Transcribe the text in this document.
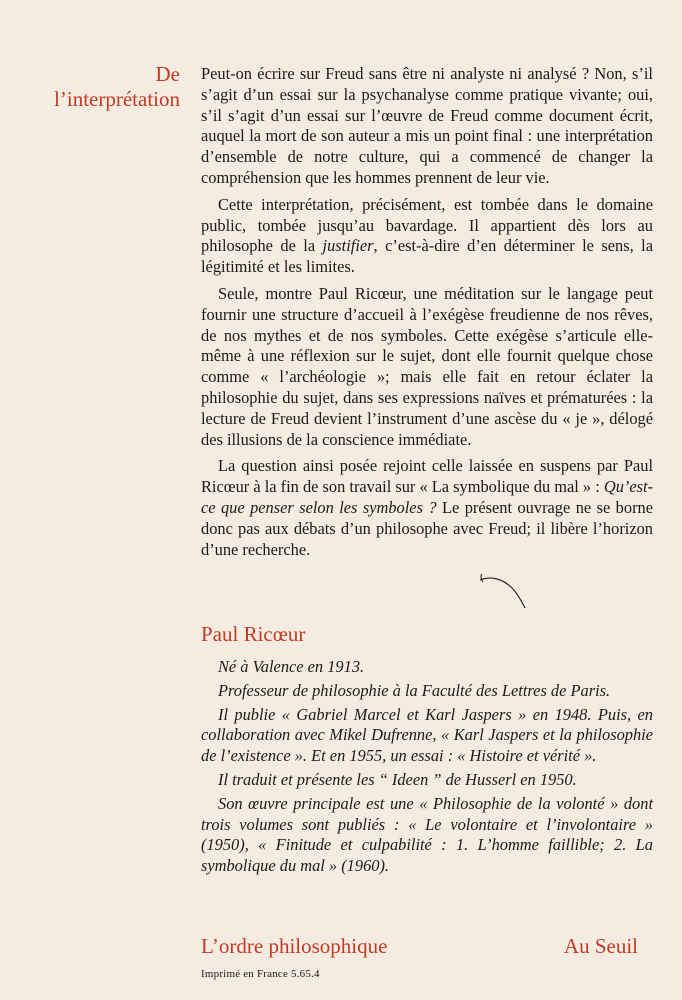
De
l’interprétation

Peut-on écrire sur Freud sans être ni analyste ni analysé ? Non, s’il s’agit d’un essai sur la psychanalyse comme pratique vivante; oui, s’il s’agit d’un essai sur l’œuvre de Freud comme document écrit, auquel la mort de son auteur a mis un point final : une interprétation d’ensemble de notre culture, qui a commencé de changer la compréhension que les hommes prennent de leur vie.

Cette interprétation, précisément, est tombée dans le domaine public, tombée jusqu’au bavardage. Il appartient dès lors au philosophe de la justifier, c’est-à-dire d’en déterminer le sens, la légitimité et les limites.

Seule, montre Paul Ricœur, une méditation sur le langage peut fournir une structure d’accueil à l’exégèse freudienne de nos rêves, de nos mythes et de nos symboles. Cette exégèse s’articule elle-même à une réflexion sur le sujet, dont elle fournit quelque chose comme « l’archéologie »; mais elle fait en retour éclater la philosophie du sujet, dans ses expressions naïves et prématurées : la lecture de Freud devient l’instrument d’une ascèse du « je », délogé des illusions de la conscience immédiate.

La question ainsi posée rejoint celle laissée en suspens par Paul Ricœur à la fin de son travail sur « La symbolique du mal » : Qu’est-ce que penser selon les symboles ? Le présent ouvrage ne se borne donc pas aux débats d’un philosophe avec Freud; il libère l’horizon d’une recherche.

Paul Ricœur

Né à Valence en 1913.

Professeur de philosophie à la Faculté des Lettres de Paris.

Il publie « Gabriel Marcel et Karl Jaspers » en 1948. Puis, en collaboration avec Mikel Dufrenne, « Karl Jaspers et la philosophie de l’existence ». Et en 1955, un essai : « Histoire et vérité ».

Il traduit et présente les “ Ideen ” de Husserl en 1950.

Son œuvre principale est une « Philosophie de la volonté » dont trois volumes sont publiés : « Le volontaire et l’involontaire » (1950), « Finitude et culpabilité : 1. L’homme faillible; 2. La symbolique du mal » (1960).

L’ordre philosophique	Au Seuil
Imprimé en France 5.65.4
